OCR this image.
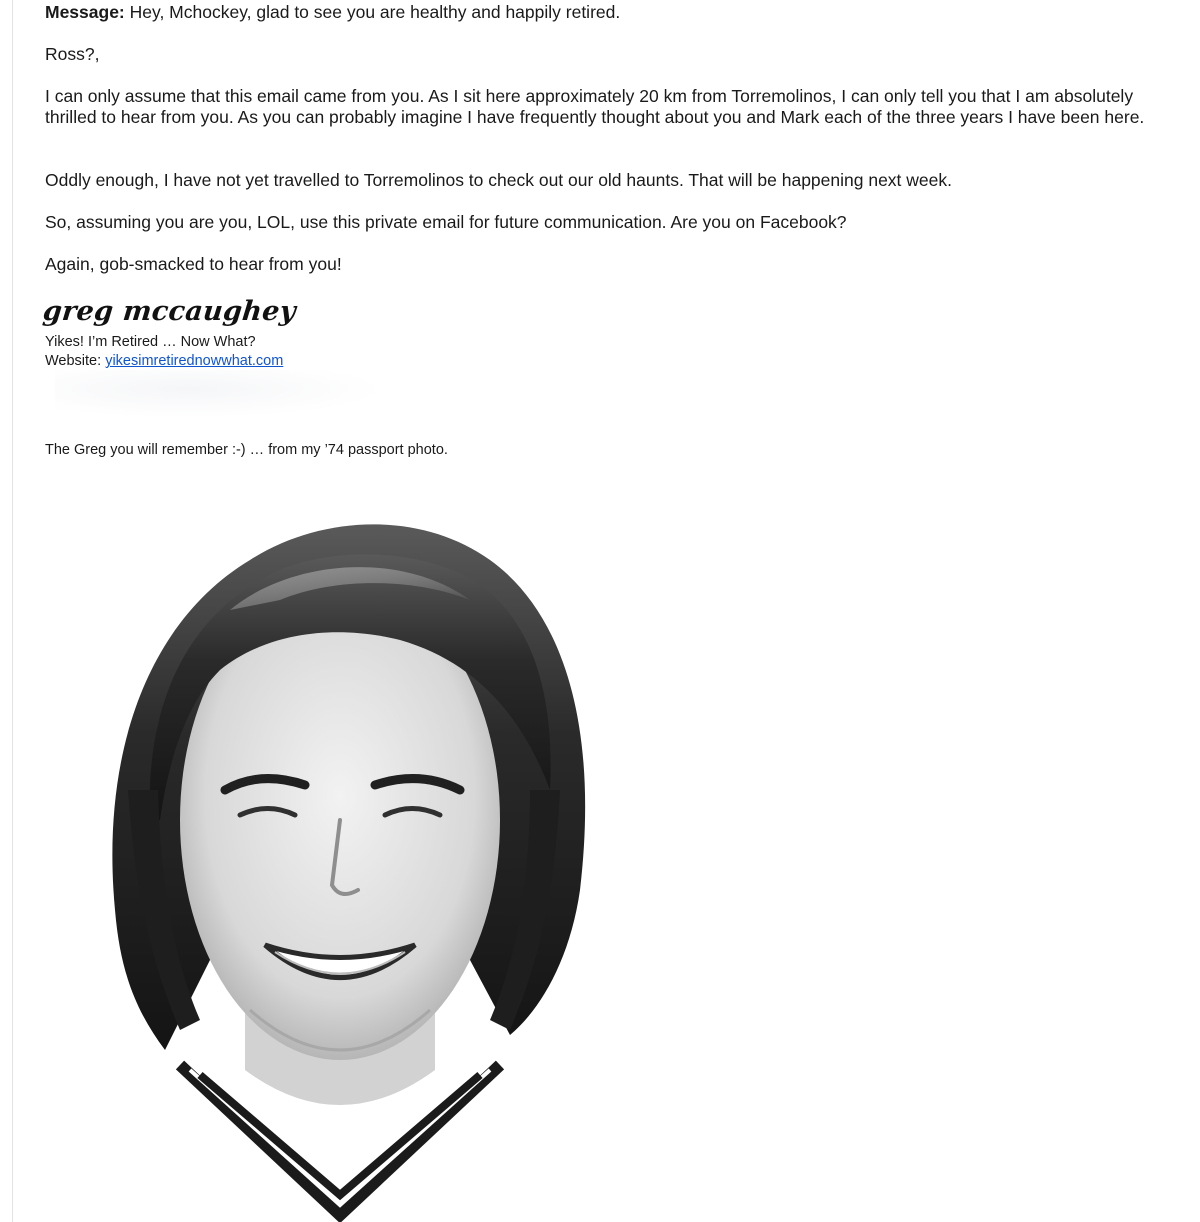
Message: Hey, Mchockey, glad to see you are healthy and happily retired.

Ross?,

I can only assume that this email came from you. As I sit here approximately 20 km from Torremolinos, I can only tell you that I am absolutely thrilled to hear from you. As you can probably imagine I have frequently thought about you and Mark each of the three years I have been here.

Oddly enough, I have not yet travelled to Torremolinos to check out our old haunts. That will be happening next week.

So, assuming you are you, LOL, use this private email for future communication. Are you on Facebook?

Again, gob-smacked to hear from you!

greg mccaughey

Yikes! I’m Retired … Now What?

Website: yikesimretirednowwhat.com

The Greg you will remember :-) … from my ’74 passport photo.
